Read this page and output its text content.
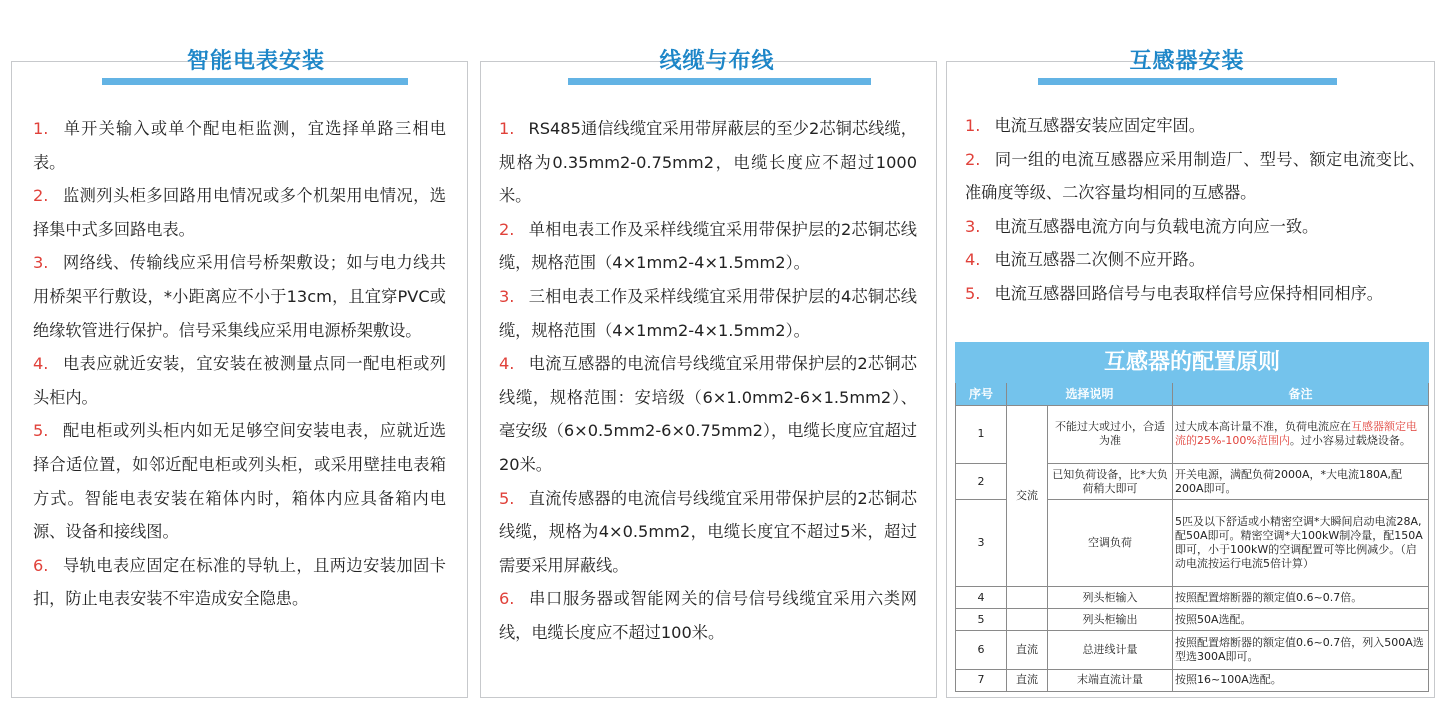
智能电表安装	线缆与布线	互感器安装
1. 单开关输入或单个配电柜监测，宜选择单路三相电表。
2. 监测列头柜多回路用电情况或多个机架用电情况，选择集中式多回路电表。
3. 网络线、传输线应采用信号桥架敷设；如与电力线共用桥架平行敷设，*小距离应不小于13cm，且宜穿PVC或绝缘软管进行保护。信号采集线应采用电源桥架敷设。
4. 电表应就近安装，宜安装在被测量点同一配电柜或列头柜内。
5. 配电柜或列头柜内如无足够空间安装电表，应就近选择合适位置，如邻近配电柜或列头柜，或采用壁挂电表箱方式。智能电表安装在箱体内时，箱体内应具备箱内电源、设备和接线图。
6. 导轨电表应固定在标准的导轨上，且两边安装加固卡扣，防止电表安装不牢造成安全隐患。
1. RS485通信线缆宜采用带屏蔽层的至少2芯铜芯线缆，规格为0.35mm2-0.75mm2，电缆长度应不超过1000米。
2. 单相电表工作及采样线缆宜采用带保护层的2芯铜芯线缆，规格范围（4×1mm2-4×1.5mm2）。
3. 三相电表工作及采样线缆宜采用带保护层的4芯铜芯线缆，规格范围（4×1mm2-4×1.5mm2）。
4. 电流互感器的电流信号线缆宜采用带保护层的2芯铜芯线缆，规格范围：安培级（6×1.0mm2-6×1.5mm2）、毫安级（6×0.5mm2-6×0.75mm2），电缆长度应宜超过20米。
5. 直流传感器的电流信号线缆宜采用带保护层的2芯铜芯线缆，规格为4×0.5mm2，电缆长度宜不超过5米，超过需要采用屏蔽线。
6. 串口服务器或智能网关的信号信号线缆宜采用六类网线，电缆长度应不超过100米。
1. 电流互感器安装应固定牢固。
2. 同一组的电流互感器应采用制造厂、型号、额定电流变比、准确度等级、二次容量均相同的互感器。
3. 电流互感器电流方向与负载电流方向应一致。
4. 电流互感器二次侧不应开路。
5. 电流互感器回路信号与电表取样信号应保持相同相序。
互感器的配置原则			
序号	选择说明		备注
1	交流	不能过大或过小，合适为准	过大成本高计量不准，负荷电流应在互感器额定电流的25%-100%范围内。过小容易过载烧设备。
2		已知负荷设备，比*大负荷稍大即可	开关电源，满配负荷2000A，*大电流180A,配200A即可。
3		空调负荷	5匹及以下舒适或小精密空调*大瞬间启动电流28A,配50A即可。精密空调*大100kW制冷量，配150A即可，小于100kW的空调配置可等比例减少。（启动电流按运行电流5倍计算）
4		列头柜输入	按照配置熔断器的额定值0.6~0.7倍。
5		列头柜输出	按照50A选配。
6	直流	总进线计量	按照配置熔断器的额定值0.6~0.7倍，列入500A选型选300A即可。
7	直流	末端直流计量	按照16~100A选配。
